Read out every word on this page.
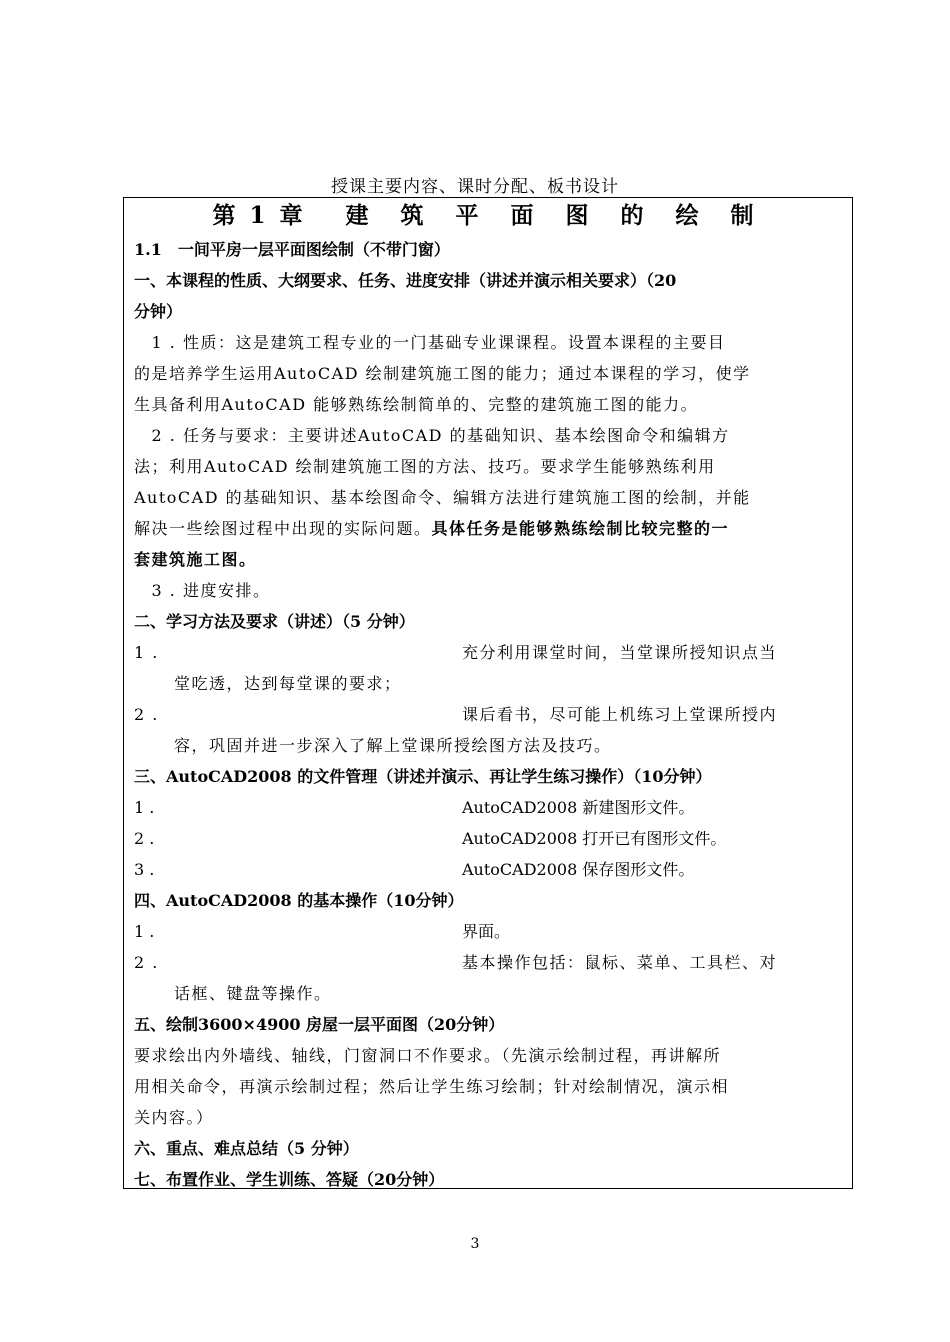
授课主要内容、课时分配、板书设计
第 1 章 建 筑 平 面 图 的 绘 制
1.1　一间平房一层平面图绘制（不带门窗）
一、本课程的性质、大纲要求、任务、进度安排（讲述并演示相关要求）（20
分钟）
　1 . 性质：这是建筑工程专业的一门基础专业课课程。设置本课程的主要目
的是培养学生运用AutoCAD 绘制建筑施工图的能力；通过本课程的学习，使学
生具备利用AutoCAD 能够熟练绘制简单的、完整的建筑施工图的能力。
　2 . 任务与要求：主要讲述AutoCAD 的基础知识、基本绘图命令和编辑方
法；利用AutoCAD 绘制建筑施工图的方法、技巧。要求学生能够熟练利用
AutoCAD 的基础知识、基本绘图命令、编辑方法进行建筑施工图的绘制，并能
解决一些绘图过程中出现的实际问题。具体任务是能够熟练绘制比较完整的一
套建筑施工图。
　3 . 进度安排。
二、学习方法及要求（讲述）（5 分钟）
1 .	充分利用课堂时间，当堂课所授知识点当
堂吃透，达到每堂课的要求；
2 .	课后看书，尽可能上机练习上堂课所授内
容，巩固并进一步深入了解上堂课所授绘图方法及技巧。
三、AutoCAD2008 的文件管理（讲述并演示、再让学生练习操作）（10分钟）
1 .	AutoCAD2008 新建图形文件。
2 .	AutoCAD2008 打开已有图形文件。
3 .	AutoCAD2008 保存图形文件。
四、AutoCAD2008 的基本操作（10分钟）
1 .	界面。
2 .	基本操作包括：鼠标、菜单、工具栏、对
话框、键盘等操作。
五、绘制3600×4900 房屋一层平面图（20分钟）
要求绘出内外墙线、轴线，门窗洞口不作要求。（先演示绘制过程，再讲解所
用相关命令，再演示绘制过程；然后让学生练习绘制；针对绘制情况，演示相
关内容。）
六、重点、难点总结（5 分钟）
七、布置作业、学生训练、答疑（20分钟）
3
